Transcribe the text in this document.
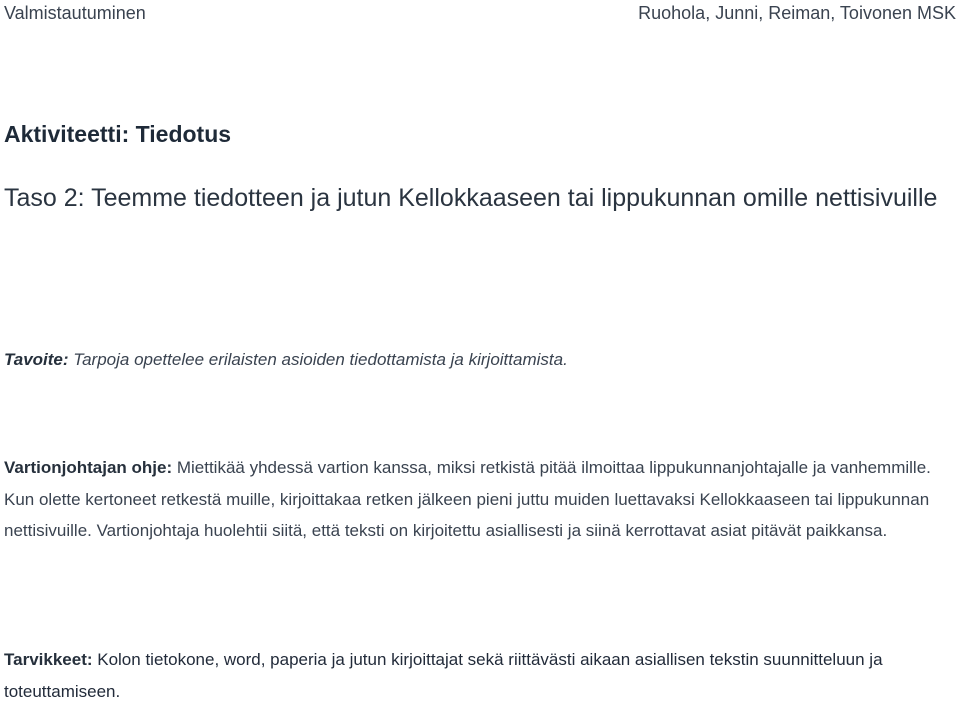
Valmistautuminen	Ruohola, Junni, Reiman, Toivonen MSK
Aktiviteetti: Tiedotus
Taso 2: Teemme tiedotteen ja jutun Kellokkaaseen tai lippukunnan omille nettisivuille
Tavoite: Tarpoja opettelee erilaisten asioiden tiedottamista ja kirjoittamista.
Vartionjohtajan ohje: Miettikää yhdessä vartion kanssa, miksi retkistä pitää ilmoittaa lippukunnanjohtajalle ja vanhemmille. Kun olette kertoneet retkestä muille, kirjoittakaa retken jälkeen pieni juttu muiden luettavaksi Kellokkaaseen tai lippukunnan nettisivuille. Vartionjohtaja huolehtii siitä, että teksti on kirjoitettu asiallisesti ja siinä kerrottavat asiat pitävät paikkansa.
Tarvikkeet: Kolon tietokone, word, paperia ja jutun kirjoittajat sekä riittävästi aikaan asiallisen tekstin suunnitteluun ja toteuttamiseen.
